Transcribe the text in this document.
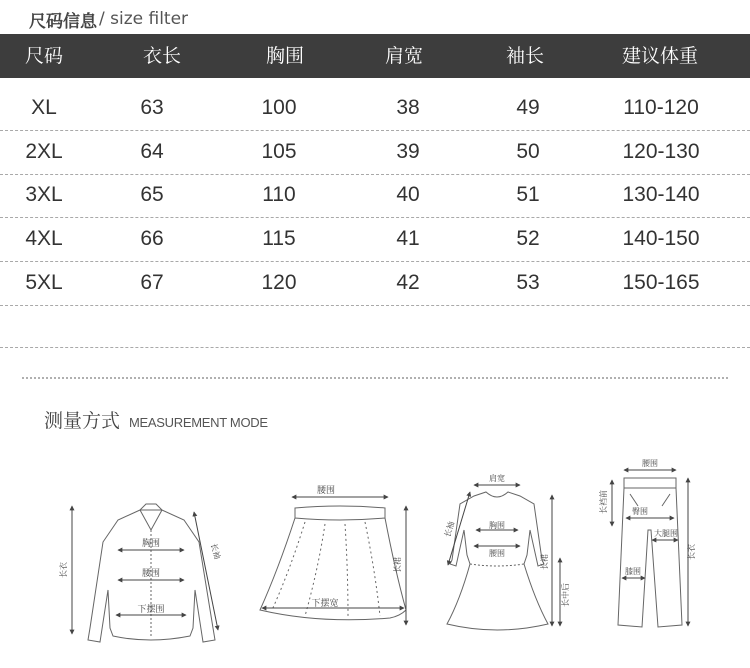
尺码信息 / size filter
尺码	衣长	胸围	肩宽	袖长	建议体重
XL	63	100	38	49	110-120
2XL	64	105	39	50	120-130
3XL	65	110	40	51	130-140
4XL	66	115	41	52	140-150
5XL	67	120	42	53	150-165
测量方式 MEASUREMENT MODE
胸围
腰围
下摆围
长衣
长袖
腰围
下摆宽
长裙
肩宽
胸围
腰围
长袖
长裙
长中后
腰围
长裆前	臀围
大腿围
膝围
长衣
